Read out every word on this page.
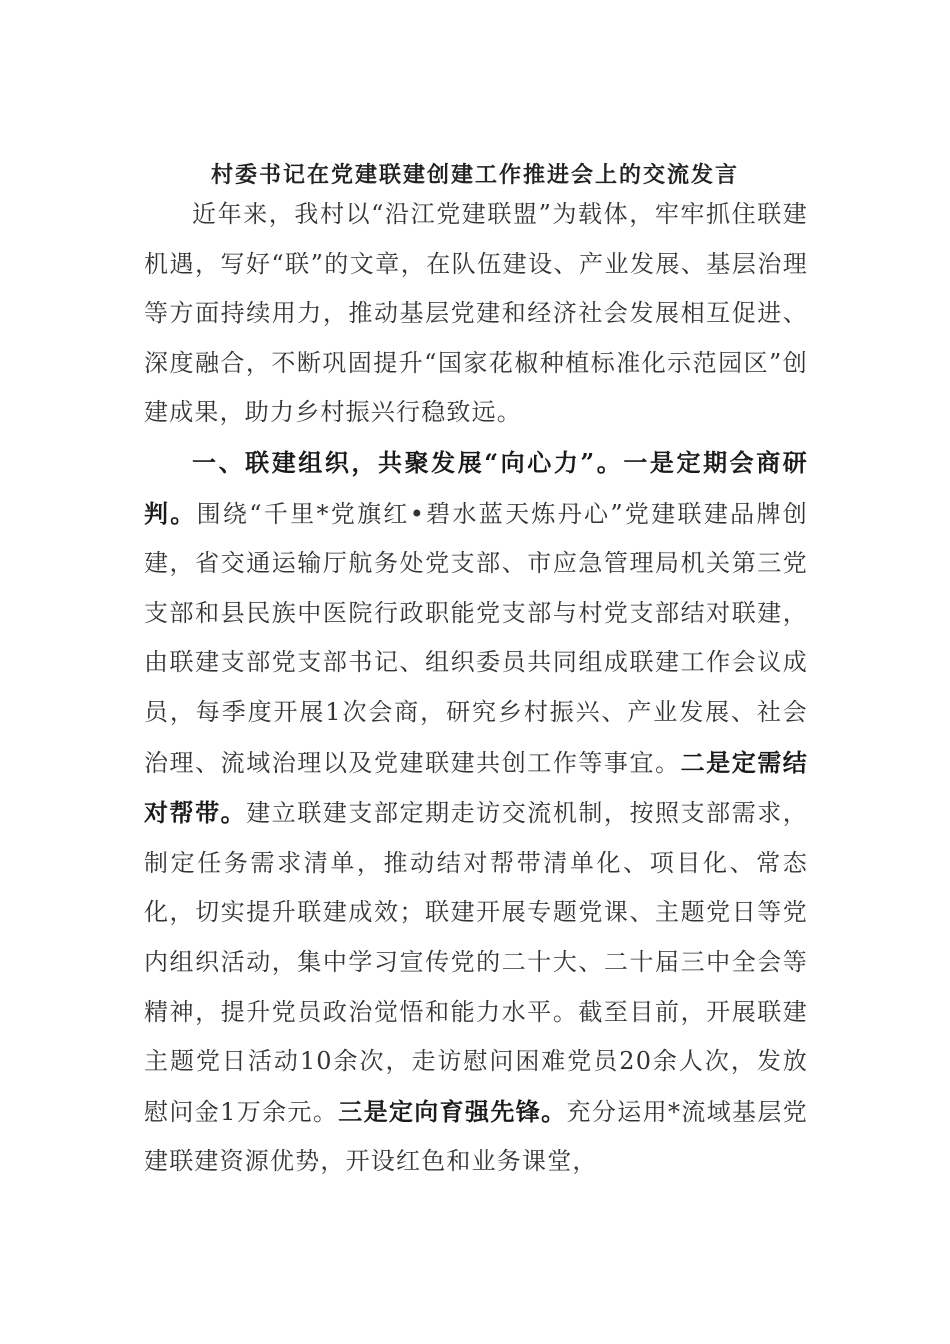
村委书记在党建联建创建工作推进会上的交流发言

近年来，我村以“沿江党建联盟”为载体，牢牢抓住联建机遇，写好“联”的文章，在队伍建设、产业发展、基层治理等方面持续用力，推动基层党建和经济社会发展相互促进、深度融合，不断巩固提升“国家花椒种植标准化示范园区”创建成果，助力乡村振兴行稳致远。

一、联建组织，共聚发展“向心力”。一是定期会商研判。围绕“千里*党旗红•碧水蓝天炼丹心”党建联建品牌创建，省交通运输厅航务处党支部、市应急管理局机关第三党支部和县民族中医院行政职能党支部与村党支部结对联建，由联建支部党支部书记、组织委员共同组成联建工作会议成员，每季度开展1次会商，研究乡村振兴、产业发展、社会治理、流域治理以及党建联建共创工作等事宜。二是定需结对帮带。建立联建支部定期走访交流机制，按照支部需求，制定任务需求清单，推动结对帮带清单化、项目化、常态化，切实提升联建成效；联建开展专题党课、主题党日等党内组织活动，集中学习宣传党的二十大、二十届三中全会等精神，提升党员政治觉悟和能力水平。截至目前，开展联建主题党日活动10余次，走访慰问困难党员20余人次，发放慰问金1万余元。三是定向育强先锋。充分运用*流域基层党建联建资源优势，开设红色和业务课堂，
